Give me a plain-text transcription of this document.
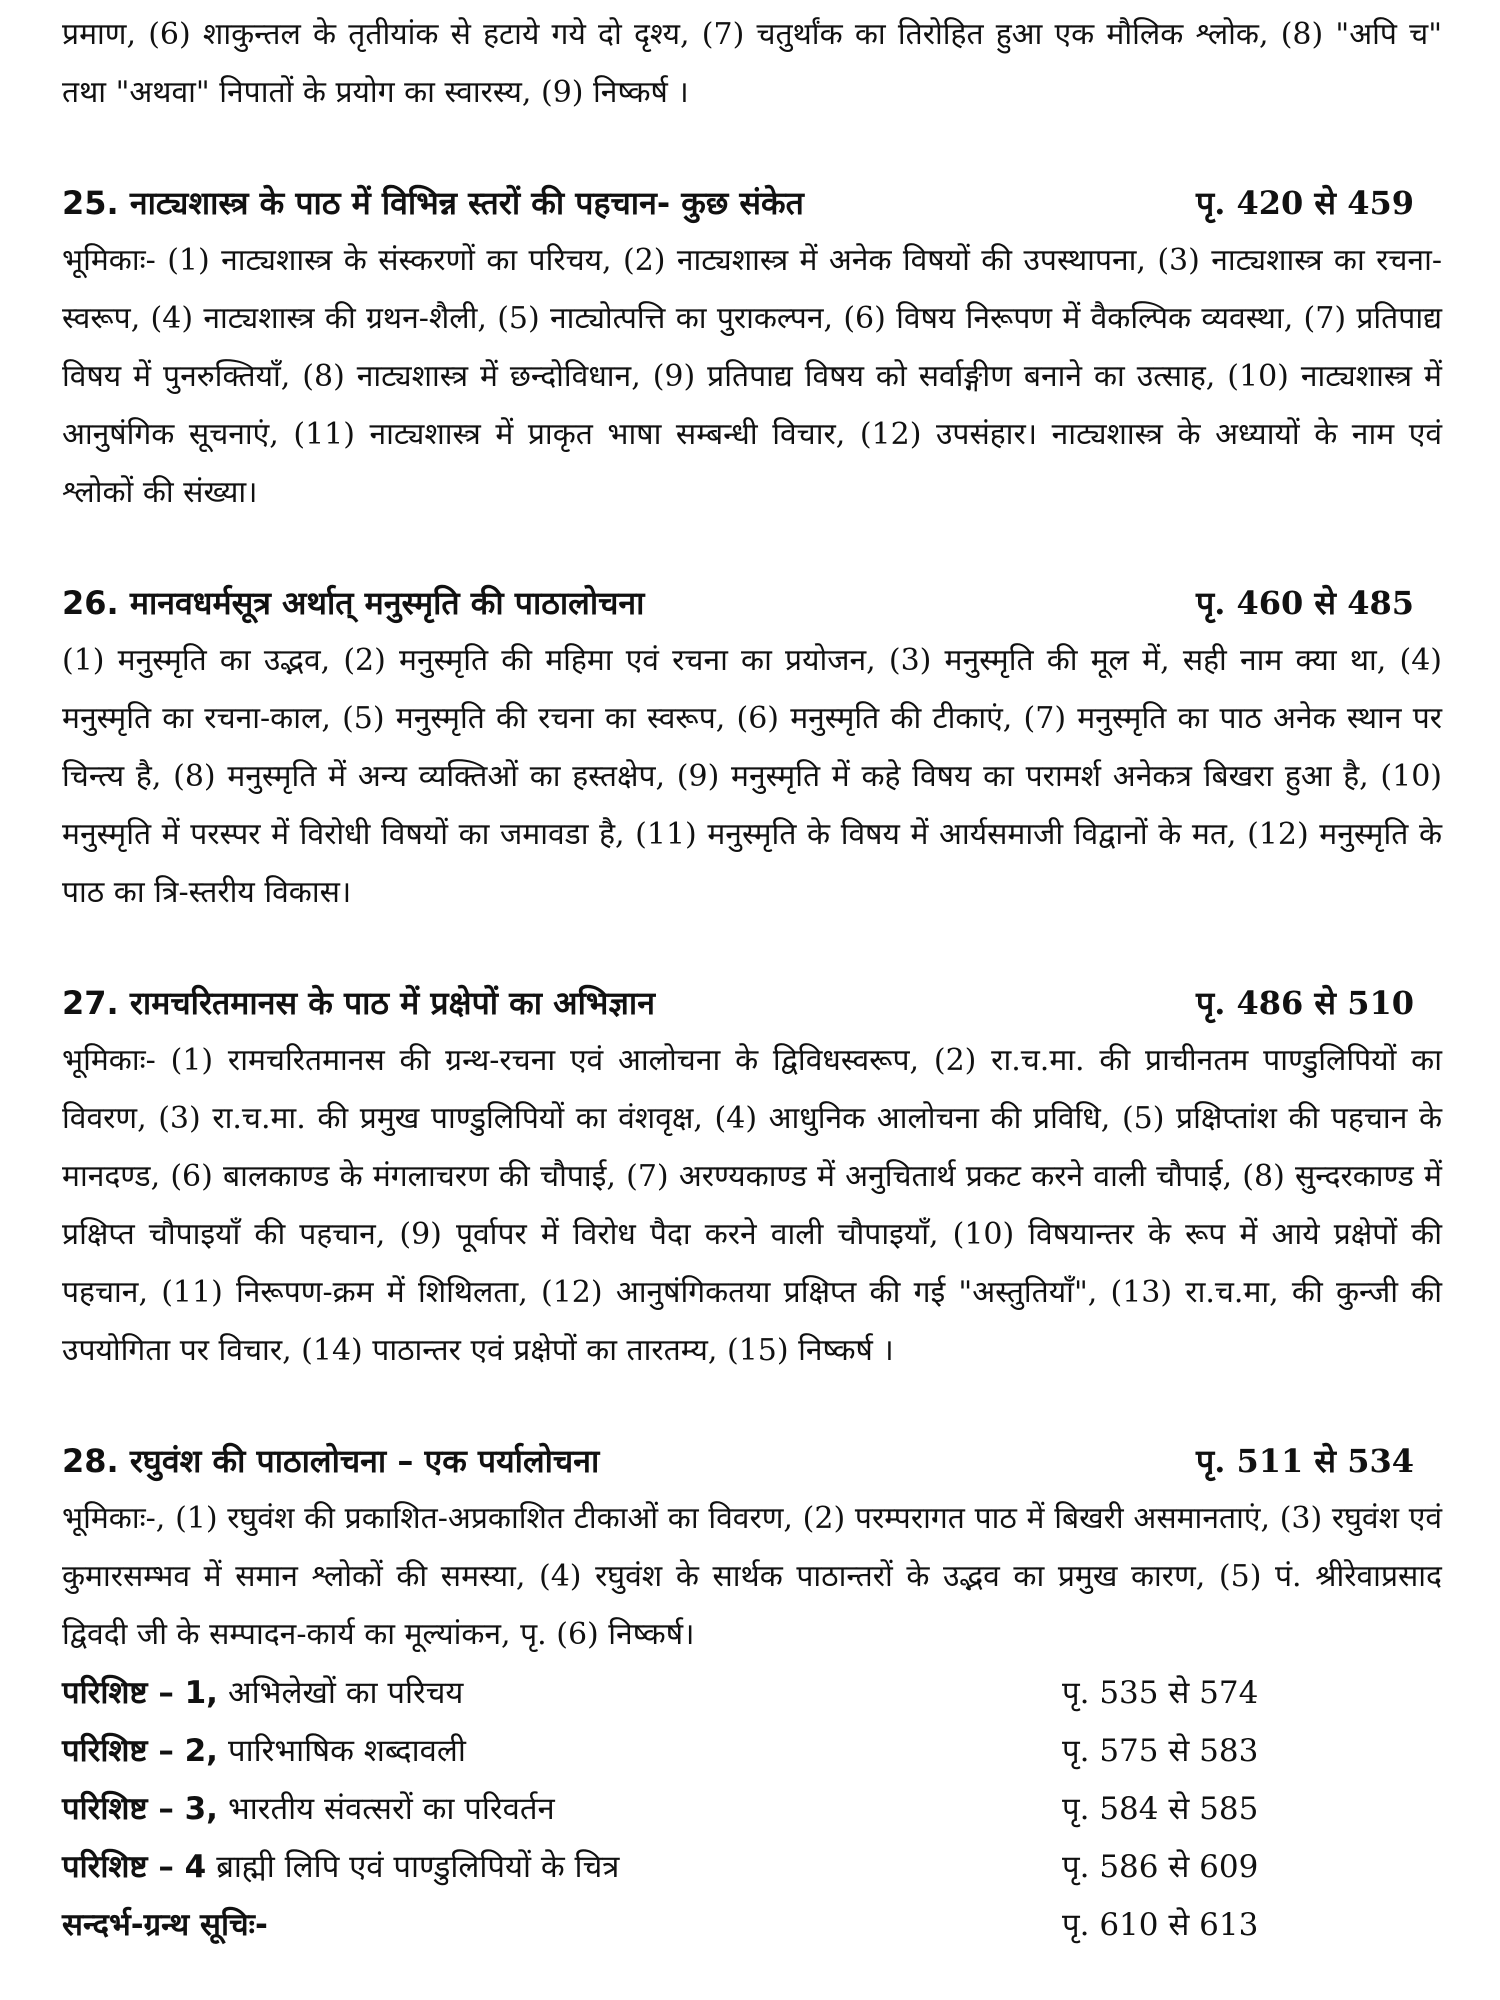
प्रमाण, (6) शाकुन्तल के तृतीयांक से हटाये गये दो दृश्य, (7) चतुर्थांक का तिरोहित हुआ एक मौलिक श्लोक, (8) "अपि च" तथा "अथवा" निपातों के प्रयोग का स्वारस्य, (9) निष्कर्ष ।

25. नाट्यशास्त्र के पाठ में विभिन्न स्तरों की पहचान- कुछ संकेत	पृ. 420 से 459

भूमिकाः- (1) नाट्यशास्त्र के संस्करणों का परिचय, (2) नाट्यशास्त्र में अनेक विषयों की उपस्थापना, (3) नाट्यशास्त्र का रचना-स्वरूप, (4) नाट्यशास्त्र की ग्रथन-शैली, (5) नाट्योत्पत्ति का पुराकल्पन, (6) विषय निरूपण में वैकल्पिक व्यवस्था, (7) प्रतिपाद्य विषय में पुनरुक्तियाँ, (8) नाट्यशास्त्र में छन्दोविधान, (9) प्रतिपाद्य विषय को सर्वाङ्गीण बनाने का उत्साह, (10) नाट्यशास्त्र में आनुषंगिक सूचनाएं, (11) नाट्यशास्त्र में प्राकृत भाषा सम्बन्धी विचार, (12) उपसंहार। नाट्यशास्त्र के अध्यायों के नाम एवं श्लोकों की संख्या।

26. मानवधर्मसूत्र अर्थात् मनुस्मृति की पाठालोचना	पृ. 460 से 485

(1) मनुस्मृति का उद्भव, (2) मनुस्मृति की महिमा एवं रचना का प्रयोजन, (3) मनुस्मृति की मूल में, सही नाम क्या था, (4) मनुस्मृति का रचना-काल, (5) मनुस्मृति की रचना का स्वरूप, (6) मनुस्मृति की टीकाएं, (7) मनुस्मृति का पाठ अनेक स्थान पर चिन्त्य है, (8) मनुस्मृति में अन्य व्यक्तिओं का हस्तक्षेप, (9) मनुस्मृति में कहे विषय का परामर्श अनेकत्र बिखरा हुआ है, (10) मनुस्मृति में परस्पर में विरोधी विषयों का जमावडा है, (11) मनुस्मृति के विषय में आर्यसमाजी विद्वानों के मत, (12) मनुस्मृति के पाठ का त्रि-स्तरीय विकास।

27. रामचरितमानस के पाठ में प्रक्षेपों का अभिज्ञान	पृ. 486 से 510

भूमिकाः- (1) रामचरितमानस की ग्रन्थ-रचना एवं आलोचना के द्विविधस्वरूप, (2) रा.च.मा. की प्राचीनतम पाण्डुलिपियों का विवरण, (3) रा.च.मा. की प्रमुख पाण्डुलिपियों का वंशवृक्ष, (4) आधुनिक आलोचना की प्रविधि, (5) प्रक्षिप्तांश की पहचान के मानदण्ड, (6) बालकाण्ड के मंगलाचरण की चौपाई, (7) अरण्यकाण्ड में अनुचितार्थ प्रकट करने वाली चौपाई, (8) सुन्दरकाण्ड में प्रक्षिप्त चौपाइयाँ की पहचान, (9) पूर्वापर में विरोध पैदा करने वाली चौपाइयाँ, (10) विषयान्तर के रूप में आये प्रक्षेपों की पहचान, (11) निरूपण-क्रम में शिथिलता, (12) आनुषंगिकतया प्रक्षिप्त की गई "अस्तुतियाँ", (13) रा.च.मा, की कुन्जी की उपयोगिता पर विचार, (14) पाठान्तर एवं प्रक्षेपों का तारतम्य, (15) निष्कर्ष ।

28. रघुवंश की पाठालोचना – एक पर्यालोचना	पृ. 511 से 534

भूमिकाः-, (1) रघुवंश की प्रकाशित-अप्रकाशित टीकाओं का विवरण, (2) परम्परागत पाठ में बिखरी असमानताएं, (3) रघुवंश एवं कुमारसम्भव में समान श्लोकों की समस्या, (4) रघुवंश के सार्थक पाठान्तरों के उद्भव का प्रमुख कारण, (5) पं. श्रीरेवाप्रसाद द्विवदी जी के सम्पादन-कार्य का मूल्यांकन, पृ. (6) निष्कर्ष।

परिशिष्ट – 1, अभिलेखों का परिचय	पृ. 535 से 574
परिशिष्ट – 2, पारिभाषिक शब्दावली	पृ. 575 से 583
परिशिष्ट – 3, भारतीय संवत्सरों का परिवर्तन	पृ. 584 से 585
परिशिष्ट – 4 ब्राह्मी लिपि एवं पाण्डुलिपियों के चित्र	पृ. 586 से 609
सन्दर्भ-ग्रन्थ सूचिः-	पृ. 610 से 613
